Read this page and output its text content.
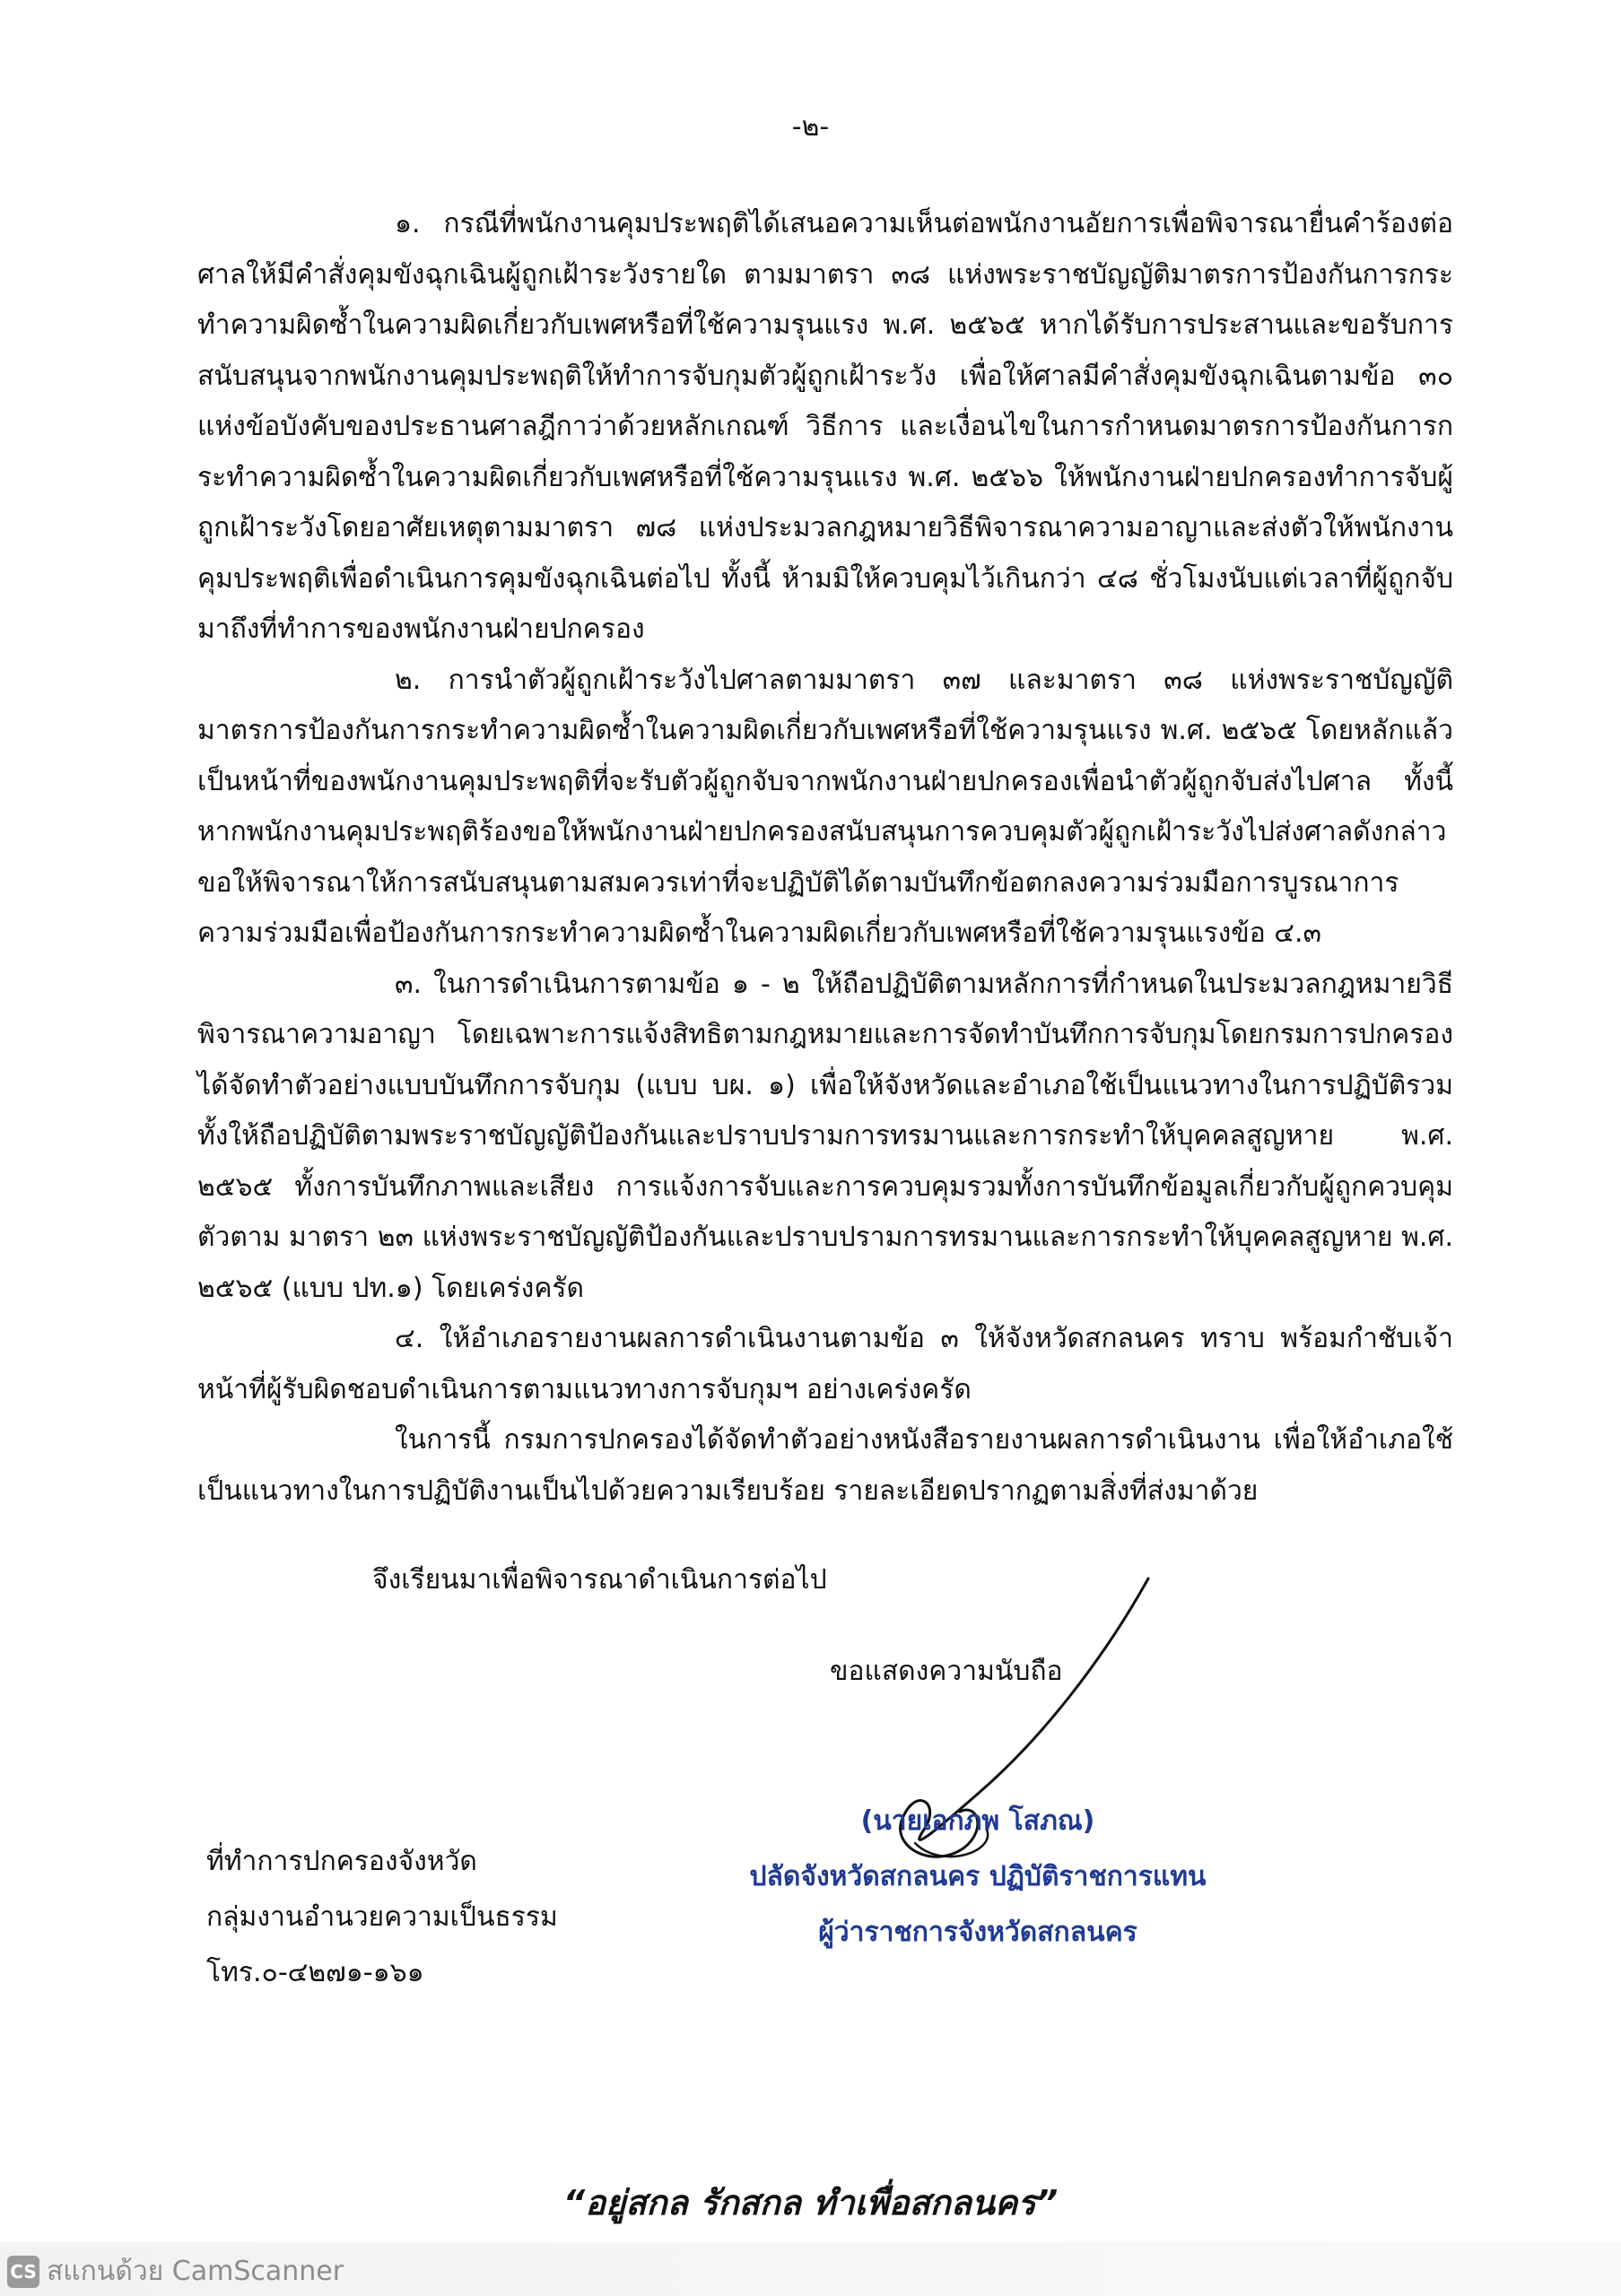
-๒-

๑. กรณีที่พนักงานคุมประพฤติได้เสนอความเห็นต่อพนักงานอัยการเพื่อพิจารณายื่นคำร้องต่อศาลให้มีคำสั่งคุมขังฉุกเฉินผู้ถูกเฝ้าระวังรายใด ตามมาตรา ๓๘ แห่งพระราชบัญญัติมาตรการป้องกันการกระทำความผิดซ้ำในความผิดเกี่ยวกับเพศหรือที่ใช้ความรุนแรง พ.ศ. ๒๕๖๕ หากได้รับการประสานและขอรับการสนับสนุนจากพนักงานคุมประพฤติให้ทำการจับกุมตัวผู้ถูกเฝ้าระวัง เพื่อให้ศาลมีคำสั่งคุมขังฉุกเฉินตามข้อ ๓๐ แห่งข้อบังคับของประธานศาลฎีกาว่าด้วยหลักเกณฑ์ วิธีการ และเงื่อนไขในการกำหนดมาตรการป้องกันการกระทำความผิดซ้ำในความผิดเกี่ยวกับเพศหรือที่ใช้ความรุนแรง พ.ศ. ๒๕๖๖ ให้พนักงานฝ่ายปกครองทำการจับผู้ถูกเฝ้าระวังโดยอาศัยเหตุตามมาตรา ๗๘ แห่งประมวลกฎหมายวิธีพิจารณาความอาญาและส่งตัวให้พนักงานคุมประพฤติเพื่อดำเนินการคุมขังฉุกเฉินต่อไป ทั้งนี้ ห้ามมิให้ควบคุมไว้เกินกว่า ๔๘ ชั่วโมงนับแต่เวลาที่ผู้ถูกจับมาถึงที่ทำการของพนักงานฝ่ายปกครอง

๒. การนำตัวผู้ถูกเฝ้าระวังไปศาลตามมาตรา ๓๗ และมาตรา ๓๘ แห่งพระราชบัญญัติมาตรการป้องกันการกระทำความผิดซ้ำในความผิดเกี่ยวกับเพศหรือที่ใช้ความรุนแรง พ.ศ. ๒๕๖๕ โดยหลักแล้วเป็นหน้าที่ของพนักงานคุมประพฤติที่จะรับตัวผู้ถูกจับจากพนักงานฝ่ายปกครองเพื่อนำตัวผู้ถูกจับส่งไปศาล ทั้งนี้ หากพนักงานคุมประพฤติร้องขอให้พนักงานฝ่ายปกครองสนับสนุนการควบคุมตัวผู้ถูกเฝ้าระวังไปส่งศาลดังกล่าว ขอให้พิจารณาให้การสนับสนุนตามสมควรเท่าที่จะปฏิบัติได้ตามบันทึกข้อตกลงความร่วมมือการบูรณาการความร่วมมือเพื่อป้องกันการกระทำความผิดซ้ำในความผิดเกี่ยวกับเพศหรือที่ใช้ความรุนแรงข้อ ๔.๓

๓. ในการดำเนินการตามข้อ ๑ - ๒ ให้ถือปฏิบัติตามหลักการที่กำหนดในประมวลกฎหมายวิธีพิจารณาความอาญา โดยเฉพาะการแจ้งสิทธิตามกฎหมายและการจัดทำบันทึกการจับกุมโดยกรมการปกครองได้จัดทำตัวอย่างแบบบันทึกการจับกุม (แบบ บผ. ๑) เพื่อให้จังหวัดและอำเภอใช้เป็นแนวทางในการปฏิบัติรวมทั้งให้ถือปฏิบัติตามพระราชบัญญัติป้องกันและปราบปรามการทรมานและการกระทำให้บุคคลสูญหาย พ.ศ. ๒๕๖๕ ทั้งการบันทึกภาพและเสียง การแจ้งการจับและการควบคุมรวมทั้งการบันทึกข้อมูลเกี่ยวกับผู้ถูกควบคุมตัวตาม มาตรา ๒๓ แห่งพระราชบัญญัติป้องกันและปราบปรามการทรมานและการกระทำให้บุคคลสูญหาย พ.ศ. ๒๕๖๕ (แบบ ปท.๑) โดยเคร่งครัด

๔. ให้อำเภอรายงานผลการดำเนินงานตามข้อ ๓ ให้จังหวัดสกลนคร ทราบ พร้อมกำชับเจ้าหน้าที่ผู้รับผิดชอบดำเนินการตามแนวทางการจับกุมฯ อย่างเคร่งครัด

ในการนี้ กรมการปกครองได้จัดทำตัวอย่างหนังสือรายงานผลการดำเนินงาน เพื่อให้อำเภอใช้เป็นแนวทางในการปฏิบัติงานเป็นไปด้วยความเรียบร้อย รายละเอียดปรากฏตามสิ่งที่ส่งมาด้วย

จึงเรียนมาเพื่อพิจารณาดำเนินการต่อไป
ขอแสดงความนับถือ
(นายเอกภพ โสภณ)
ปลัดจังหวัดสกลนคร ปฏิบัติราชการแทน
ผู้ว่าราชการจังหวัดสกลนคร
ที่ทำการปกครองจังหวัด
กลุ่มงานอำนวยความเป็นธรรม
โทร.๐-๔๒๗๑-๑๖๑
“อยู่สกล รักสกล ทำเพื่อสกลนคร”
CS สแกนด้วย CamScanner
